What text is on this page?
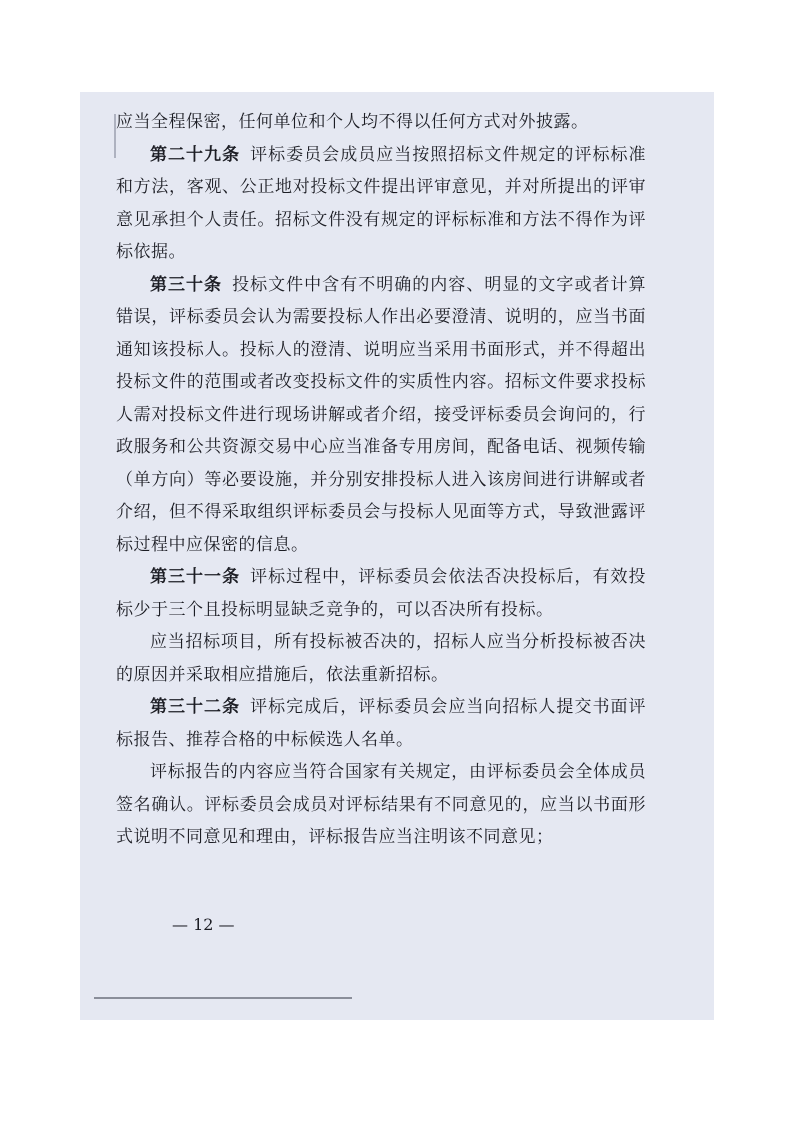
应当全程保密，任何单位和个人均不得以任何方式对外披露。

第二十九条 评标委员会成员应当按照招标文件规定的评标标准和方法，客观、公正地对投标文件提出评审意见，并对所提出的评审意见承担个人责任。招标文件没有规定的评标标准和方法不得作为评标依据。

第三十条 投标文件中含有不明确的内容、明显的文字或者计算错误，评标委员会认为需要投标人作出必要澄清、说明的，应当书面通知该投标人。投标人的澄清、说明应当采用书面形式，并不得超出投标文件的范围或者改变投标文件的实质性内容。招标文件要求投标人需对投标文件进行现场讲解或者介绍，接受评标委员会询问的，行政服务和公共资源交易中心应当准备专用房间，配备电话、视频传输（单方向）等必要设施，并分别安排投标人进入该房间进行讲解或者介绍，但不得采取组织评标委员会与投标人见面等方式，导致泄露评标过程中应保密的信息。

第三十一条 评标过程中，评标委员会依法否决投标后，有效投标少于三个且投标明显缺乏竞争的，可以否决所有投标。

应当招标项目，所有投标被否决的，招标人应当分析投标被否决的原因并采取相应措施后，依法重新招标。

第三十二条 评标完成后，评标委员会应当向招标人提交书面评标报告、推荐合格的中标候选人名单。

评标报告的内容应当符合国家有关规定，由评标委员会全体成员签名确认。评标委员会成员对评标结果有不同意见的，应当以书面形式说明不同意见和理由，评标报告应当注明该不同意见；

— 12 —
